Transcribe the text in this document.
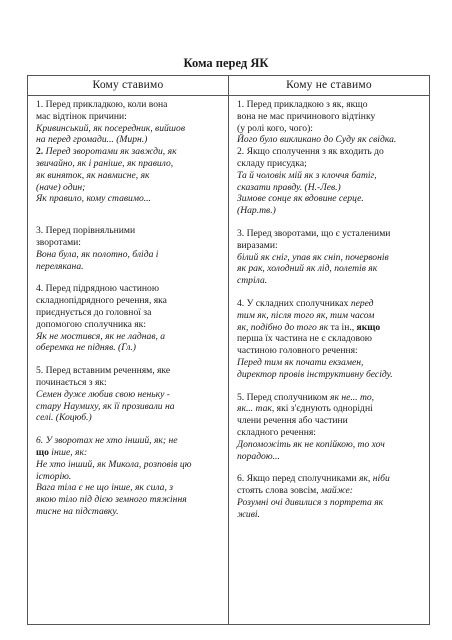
Кома перед ЯК
Кому ставимо	Кому не ставимо
1. Перед прикладкою, коли вона
мас відтінок причини:
Кривинський, як посередник, вийшов
на перед громади... (Мирн.)
2. Перед зворотами як завжди, як
звичайно, як і раніше, як правило,
як виняток, як навмисне, як
(наче) один;
Як правило, кому ставимо...
3. Перед порівняльними
зворотами:
Вона була, як полотно, бліда і
перелякана.
4. Перед підрядною частиною
складнопідрядного речення, яка
приєднується до головної за
допомогою сполучника як:
Як не мостився, як не ладнав, а
оберемка не підняв. (Гл.)
5. Перед вставним реченням, яке
починається з як:
Семен дуже любив свою неньку -
стару Наумиху, як її прозивали на
селі. (Коцюб.)
6. У зворотах не хто інший, як; не
що інше, як:
Не хто інший, як Микола, розповів цю
історію.
Вага тіла є не що інше, як сила, з
якою тіло під дією земного тяжіння
тисне на підставку.
1. Перед прикладкою з як, якщо
вона не мас причинового відтінку
(у ролі кого, чого):
Його було викликано до Суду як свідка.
2. Якщо сполучення з як входить до
складу присудка;
Та й чоловік мій як з клоччя батіг,
сказати правду. (Н.-Лев.)
Зимове сонце як вдовине серце.
(Нар.тв.)
3. Перед зворотами, що є усталеними
виразами:
білий як сніг, упав як сніп, почервонів
як рак, холодний як лід, полетів як
стріла.
4. У складних сполучниках перед
тим як, після того як, тим часом
як, подібно до того як та ін., якщо
перша їх частина не є складовою
частиною головного речення:
Перед тим як почати екзамен,
директор провів інструктивну бесіду.
5. Перед сполучником як не... то,
як... так, які з'єднують однорідні
члени речення або частини
складного речення:
Допоможіть як не копійкою, то хоч
порадою...
6. Якщо перед сполучниками як, ніби
стоять слова зовсім, майже:
Розумні очі дивилися з портрета як
живі.
